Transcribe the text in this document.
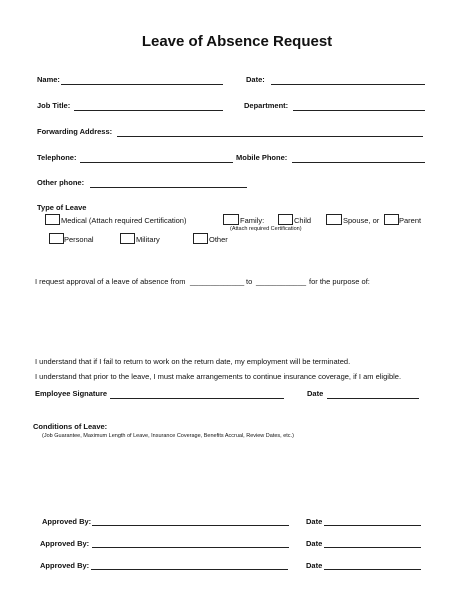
Leave of Absence Request
Name:	Date:
Job Title:	Department:
Forwarding Address:
Telephone:	Mobile Phone:
Other phone:
Type of Leave
Medical (Attach required Certification)	Family:
(Attach required Certification)
Child	Spouse, or	Parent
Personal	Military	Other
I request approval of a leave of absence from _____________ to ____________ for the purpose of:
I understand that if I fail to return to work on the return date, my employment will be terminated.
I understand that prior to the leave, I must make arrangements to continue insurance coverage, if I am eligible.
Employee Signature	Date
Conditions of Leave:
(Job Guarantee, Maximum Length of Leave, Insurance Coverage, Benefits Accrual, Review Dates, etc.)
Approved By:	Date
Approved By:	Date
Approved By:	Date
